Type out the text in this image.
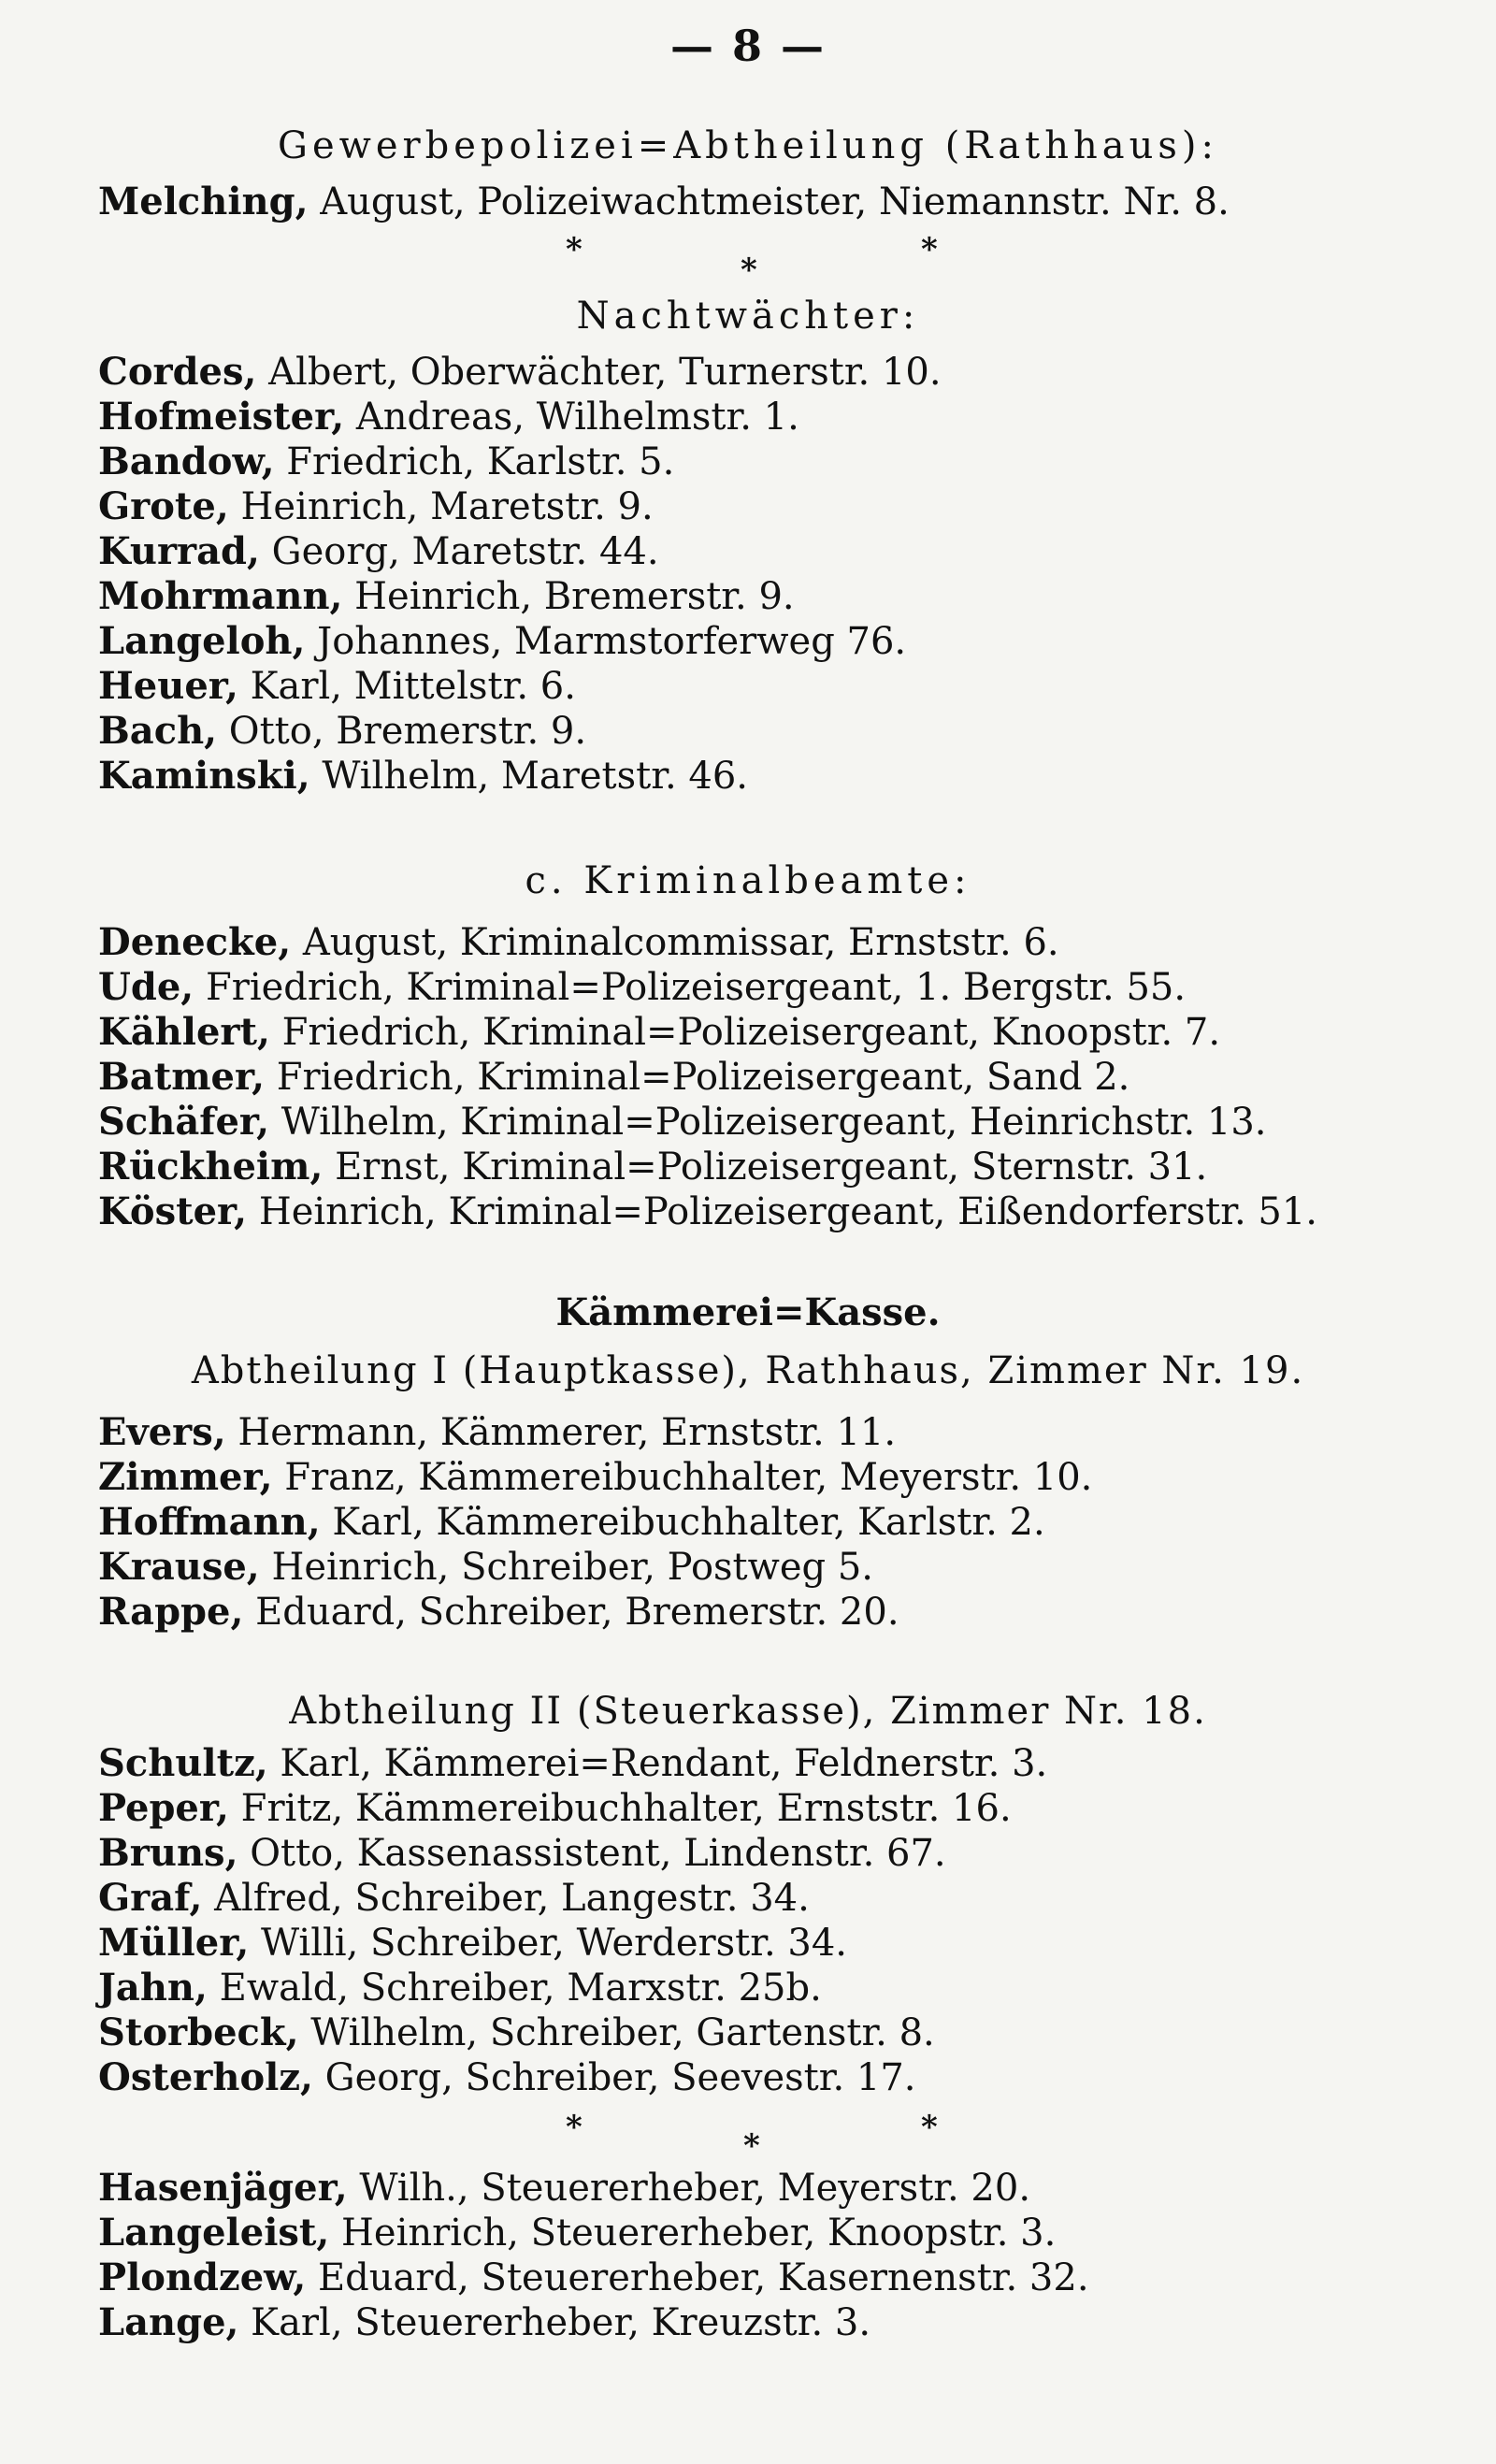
— 8 —
Gewerbepolizei=Abtheilung (Rathhaus):
Melching, August, Polizeiwachtmeister, Niemannstr. Nr. 8.
*
*
*
Nachtwächter:
Cordes, Albert, Oberwächter, Turnerstr. 10.
Hofmeister, Andreas, Wilhelmstr. 1.
Bandow, Friedrich, Karlstr. 5.
Grote, Heinrich, Maretstr. 9.
Kurrad, Georg, Maretstr. 44.
Mohrmann, Heinrich, Bremerstr. 9.
Langeloh, Johannes, Marmstorferweg 76.
Heuer, Karl, Mittelstr. 6.
Bach, Otto, Bremerstr. 9.
Kaminski, Wilhelm, Maretstr. 46.
c. Kriminalbeamte:
Denecke, August, Kriminalcommissar, Ernststr. 6.
Ude, Friedrich, Kriminal=Polizeisergeant, 1. Bergstr. 55.
Kählert, Friedrich, Kriminal=Polizeisergeant, Knoopstr. 7.
Batmer, Friedrich, Kriminal=Polizeisergeant, Sand 2.
Schäfer, Wilhelm, Kriminal=Polizeisergeant, Heinrichstr. 13.
Rückheim, Ernst, Kriminal=Polizeisergeant, Sternstr. 31.
Köster, Heinrich, Kriminal=Polizeisergeant, Eißendorferstr. 51.
Kämmerei=Kasse.
Abtheilung I (Hauptkasse), Rathhaus, Zimmer Nr. 19.
Evers, Hermann, Kämmerer, Ernststr. 11.
Zimmer, Franz, Kämmereibuchhalter, Meyerstr. 10.
Hoffmann, Karl, Kämmereibuchhalter, Karlstr. 2.
Krause, Heinrich, Schreiber, Postweg 5.
Rappe, Eduard, Schreiber, Bremerstr. 20.
Abtheilung II (Steuerkasse), Zimmer Nr. 18.
Schultz, Karl, Kämmerei=Rendant, Feldnerstr. 3.
Peper, Fritz, Kämmereibuchhalter, Ernststr. 16.
Bruns, Otto, Kassenassistent, Lindenstr. 67.
Graf, Alfred, Schreiber, Langestr. 34.
Müller, Willi, Schreiber, Werderstr. 34.
Jahn, Ewald, Schreiber, Marxstr. 25b.
Storbeck, Wilhelm, Schreiber, Gartenstr. 8.
Osterholz, Georg, Schreiber, Seevestr. 17.
*	*	*
Hasenjäger, Wilh., Steuererheber, Meyerstr. 20.
Langeleist, Heinrich, Steuererheber, Knoopstr. 3.
Plondzew, Eduard, Steuererheber, Kasernenstr. 32.
Lange, Karl, Steuererheber, Kreuzstr. 3.
